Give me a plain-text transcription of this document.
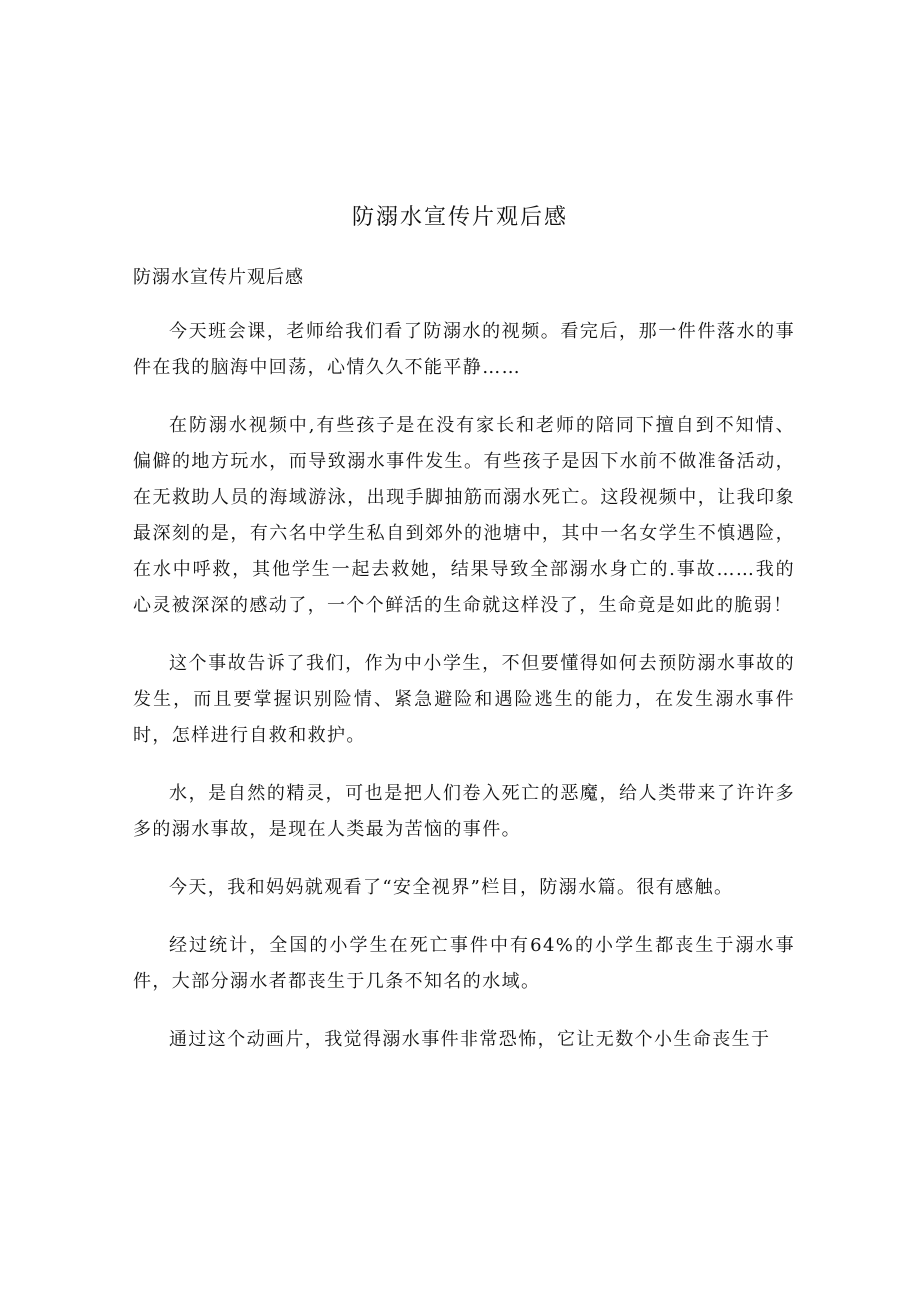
防溺水宣传片观后感
防溺水宣传片观后感

今天班会课，老师给我们看了防溺水的视频。看完后，那一件件落水的事件在我的脑海中回荡，心情久久不能平静……

在防溺水视频中,有些孩子是在没有家长和老师的陪同下擅自到不知情、偏僻的地方玩水，而导致溺水事件发生。有些孩子是因下水前不做准备活动，在无救助人员的海域游泳，出现手脚抽筋而溺水死亡。这段视频中，让我印象最深刻的是，有六名中学生私自到郊外的池塘中，其中一名女学生不慎遇险，在水中呼救，其他学生一起去救她，结果导致全部溺水身亡的.事故……我的心灵被深深的感动了，一个个鲜活的生命就这样没了，生命竟是如此的脆弱！

这个事故告诉了我们，作为中小学生，不但要懂得如何去预防溺水事故的发生，而且要掌握识别险情、紧急避险和遇险逃生的能力，在发生溺水事件时，怎样进行自救和救护。

水，是自然的精灵，可也是把人们卷入死亡的恶魔，给人类带来了许许多多的溺水事故，是现在人类最为苦恼的事件。

今天，我和妈妈就观看了“安全视界”栏目，防溺水篇。很有感触。

经过统计，全国的小学生在死亡事件中有64%的小学生都丧生于溺水事件，大部分溺水者都丧生于几条不知名的水域。

通过这个动画片，我觉得溺水事件非常恐怖，它让无数个小生命丧生于
